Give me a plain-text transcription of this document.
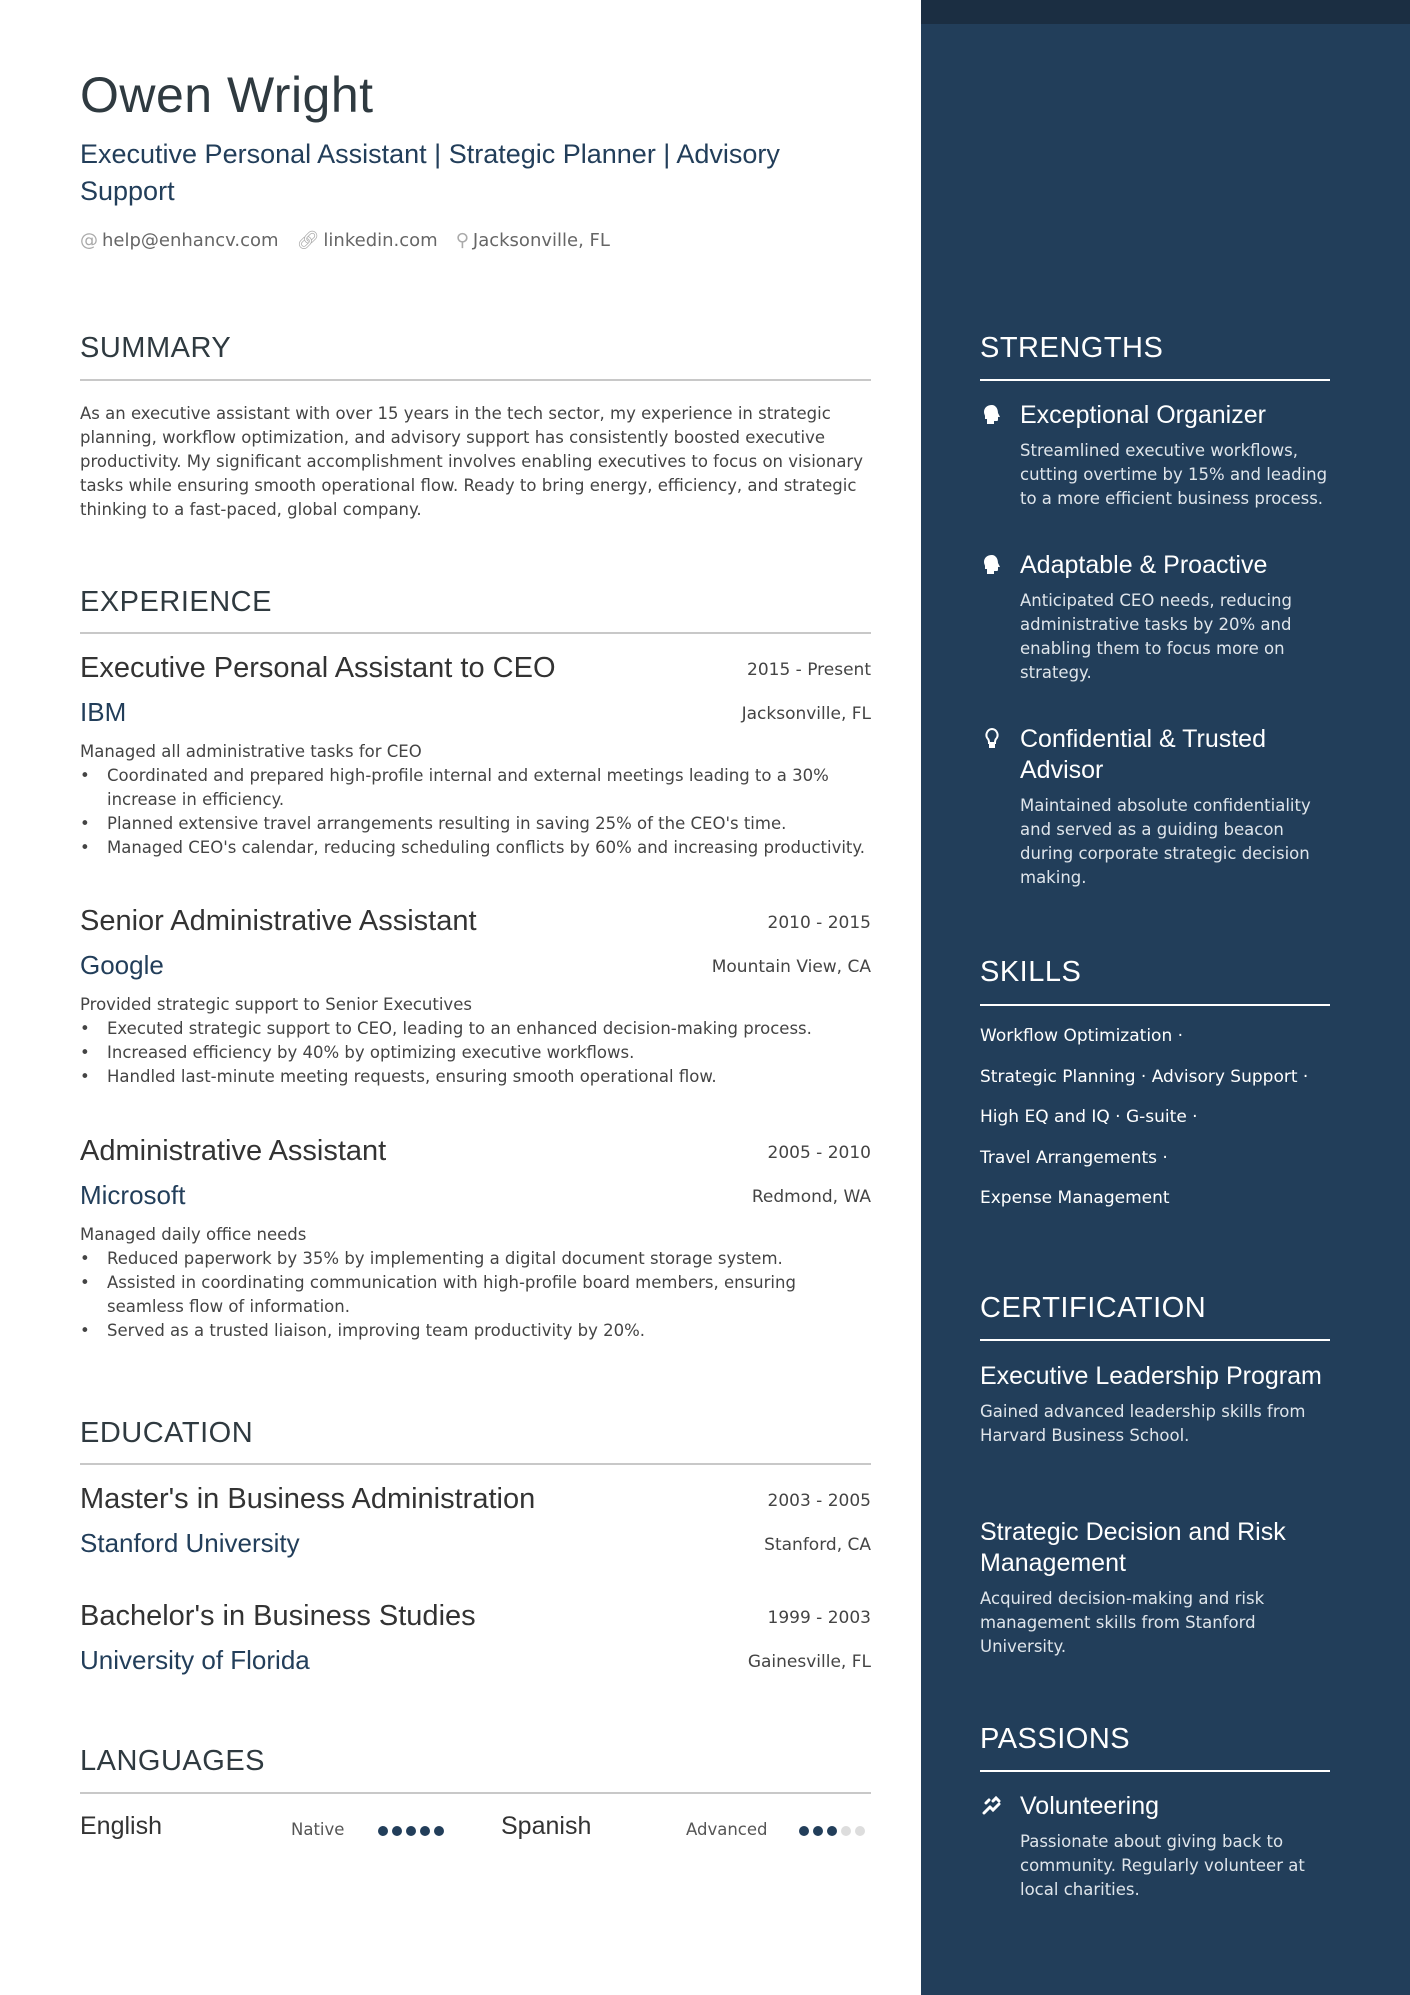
Owen Wright
Executive Personal Assistant | Strategic Planner | Advisory Support
@ help@enhancv.com 🔗︎ linkedin.com ⚲ Jacksonville, FL
SUMMARY
As an executive assistant with over 15 years in the tech sector, my experience in strategic planning, workflow optimization, and advisory support has consistently boosted executive productivity. My significant accomplishment involves enabling executives to focus on visionary tasks while ensuring smooth operational flow. Ready to bring energy, efficiency, and strategic thinking to a fast-paced, global company.
EXPERIENCE
Executive Personal Assistant to CEO	2015 - Present
IBM	Jacksonville, FL
Managed all administrative tasks for CEO
• Coordinated and prepared high-profile internal and external meetings leading to a 30% increase in efficiency.
• Planned extensive travel arrangements resulting in saving 25% of the CEO's time.
• Managed CEO's calendar, reducing scheduling conflicts by 60% and increasing productivity.
Senior Administrative Assistant	2010 - 2015
Google	Mountain View, CA
Provided strategic support to Senior Executives
• Executed strategic support to CEO, leading to an enhanced decision-making process.
• Increased efficiency by 40% by optimizing executive workflows.
• Handled last-minute meeting requests, ensuring smooth operational flow.
Administrative Assistant	2005 - 2010
Microsoft	Redmond, WA
Managed daily office needs
• Reduced paperwork by 35% by implementing a digital document storage system.
• Assisted in coordinating communication with high-profile board members, ensuring seamless flow of information.
• Served as a trusted liaison, improving team productivity by 20%.
EDUCATION
Master's in Business Administration	2003 - 2005
Stanford University	Stanford, CA
Bachelor's in Business Studies	1999 - 2003
University of Florida	Gainesville, FL
LANGUAGES
English	Native	Spanish	Advanced
STRENGTHS
Exceptional Organizer
Streamlined executive workflows, cutting overtime by 15% and leading to a more efficient business process.
Adaptable & Proactive
Anticipated CEO needs, reducing administrative tasks by 20% and enabling them to focus more on strategy.
Confidential & Trusted Advisor
Maintained absolute confidentiality and served as a guiding beacon during corporate strategic decision making.
SKILLS
Workflow Optimization ·
Strategic Planning · Advisory Support ·
High EQ and IQ · G-suite ·
Travel Arrangements ·
Expense Management
CERTIFICATION
Executive Leadership Program
Gained advanced leadership skills from Harvard Business School.
Strategic Decision and Risk Management
Acquired decision-making and risk management skills from Stanford University.
PASSIONS
Volunteering
Passionate about giving back to community. Regularly volunteer at local charities.
